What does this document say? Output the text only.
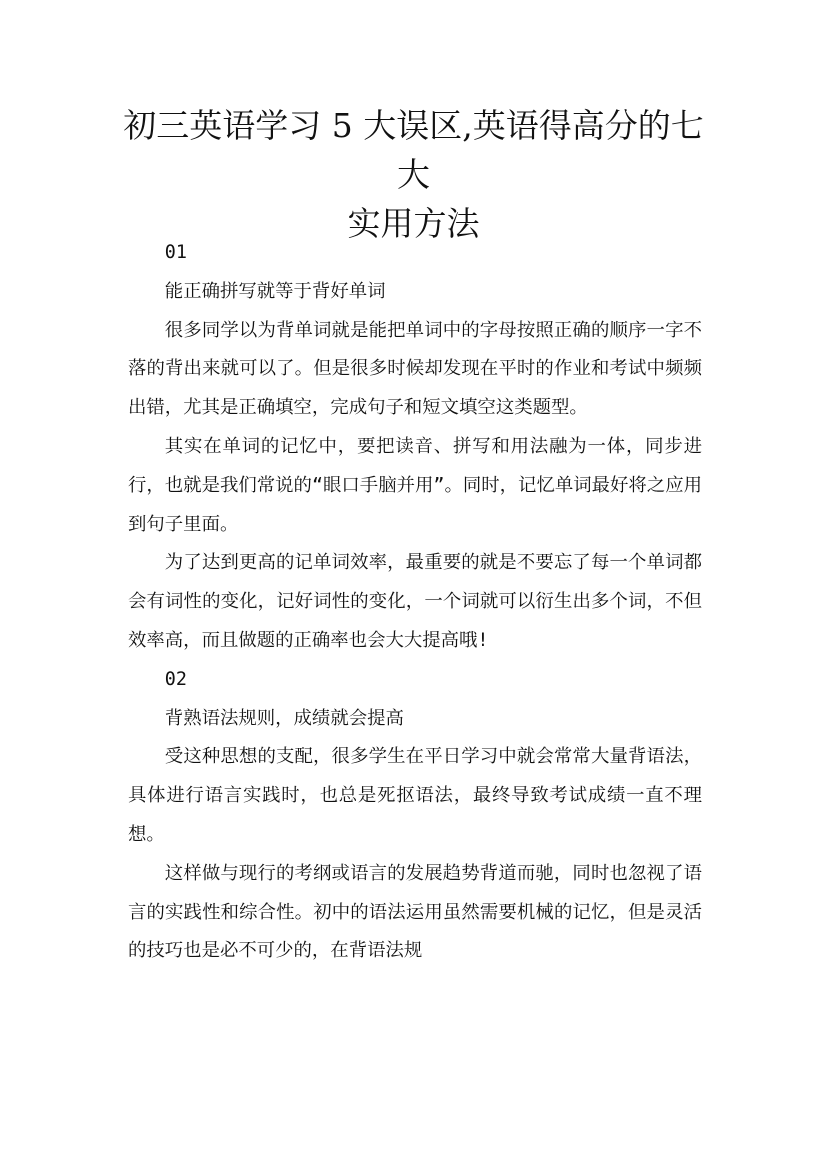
初三英语学习 5 大误区,英语得高分的七大
实用方法

01

能正确拼写就等于背好单词

很多同学以为背单词就是能把单词中的字母按照正确的顺序一字不落的背出来就可以了。但是很多时候却发现在平时的作业和考试中频频出错，尤其是正确填空，完成句子和短文填空这类题型。

其实在单词的记忆中，要把读音、拼写和用法融为一体，同步进行，也就是我们常说的“眼口手脑并用”。同时，记忆单词最好将之应用到句子里面。

为了达到更高的记单词效率，最重要的就是不要忘了每一个单词都会有词性的变化，记好词性的变化，一个词就可以衍生出多个词，不但效率高，而且做题的正确率也会大大提高哦!

02

背熟语法规则，成绩就会提高

受这种思想的支配，很多学生在平日学习中就会常常大量背语法，具体进行语言实践时，也总是死抠语法，最终导致考试成绩一直不理想。

这样做与现行的考纲或语言的发展趋势背道而驰，同时也忽视了语言的实践性和综合性。初中的语法运用虽然需要机械的记忆，但是灵活的技巧也是必不可少的，在背语法规
